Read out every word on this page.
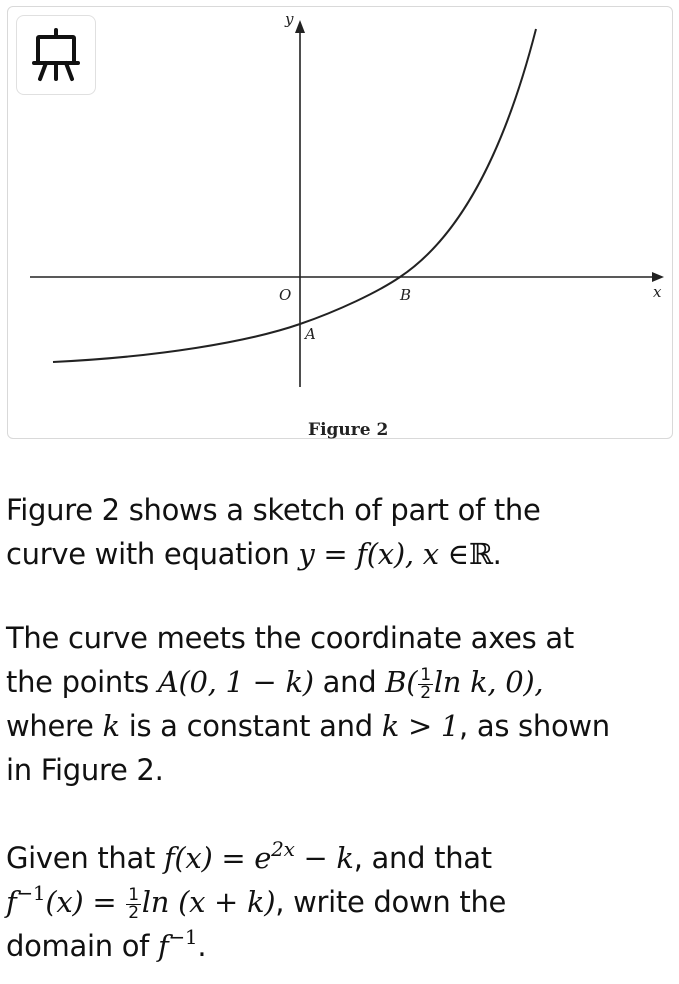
y
x
O	B
A
Figure 2
Figure 2 shows a sketch of part of the
curve with equation y = f(x), x ∈ℝ.
The curve meets the coordinate axes at
the points A(0, 1 − k) and $B( \frac{1}{2}$ ln k, 0),
where k is a constant and k > 1, as shown
in Figure 2.
Given that $f(x) = e^{2x} - k$, and that
$f^{-1}(x) = \frac{1}{2}$ ln (x + k), write down the
domain of $f^{-1}$.
